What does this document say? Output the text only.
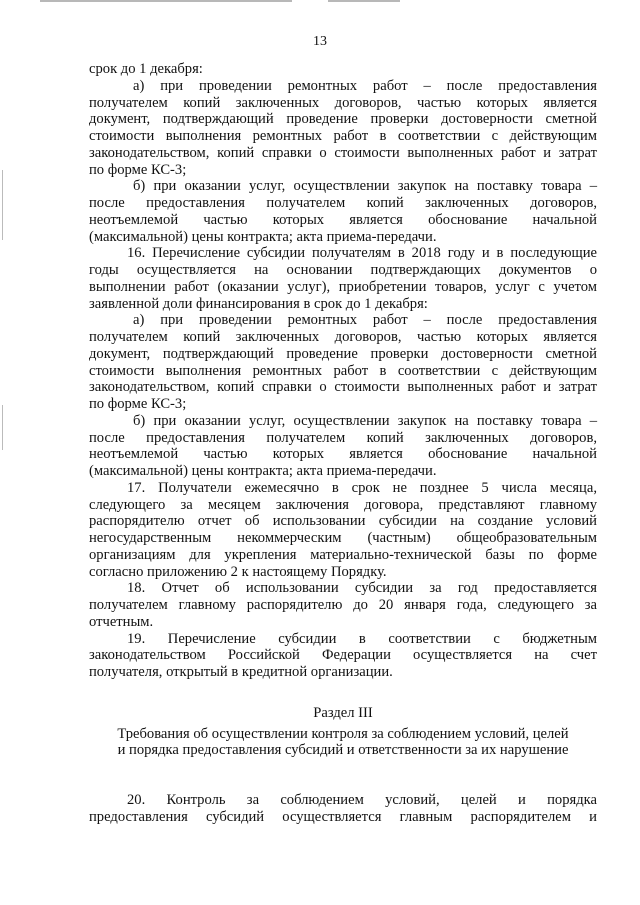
13
срок до 1 декабря:
а) при проведении ремонтных работ – после предоставления
получателем копий заключенных договоров, частью которых является
документ, подтверждающий проведение проверки достоверности сметной
стоимости выполнения ремонтных работ в соответствии с действующим
законодательством, копий справки о стоимости выполненных работ и затрат
по форме КС-3;
б) при оказании услуг, осуществлении закупок на поставку товара –
после предоставления получателем копий заключенных договоров,
неотъемлемой частью которых является обоснование начальной
(максимальной) цены контракта; акта приема-передачи.
16. Перечисление субсидии получателям в 2018 году и в последующие
годы осуществляется на основании подтверждающих документов о
выполнении работ (оказании услуг), приобретении товаров, услуг с учетом
заявленной доли финансирования в срок до 1 декабря:
а) при проведении ремонтных работ – после предоставления
получателем копий заключенных договоров, частью которых является
документ, подтверждающий проведение проверки достоверности сметной
стоимости выполнения ремонтных работ в соответствии с действующим
законодательством, копий справки о стоимости выполненных работ и затрат
по форме КС-3;
б) при оказании услуг, осуществлении закупок на поставку товара –
после предоставления получателем копий заключенных договоров,
неотъемлемой частью которых является обоснование начальной
(максимальной) цены контракта; акта приема-передачи.
17. Получатели ежемесячно в срок не позднее 5 числа месяца,
следующего за месяцем заключения договора, представляют главному
распорядителю отчет об использовании субсидии на создание условий
негосударственным некоммерческим (частным) общеобразовательным
организациям для укрепления материально-технической базы по форме
согласно приложению 2 к настоящему Порядку.
18. Отчет об использовании субсидии за год предоставляется
получателем главному распорядителю до 20 января года, следующего за
отчетным.
19. Перечисление субсидии в соответствии с бюджетным
законодательством Российской Федерации осуществляется на счет
получателя, открытый в кредитной организации.
Раздел III
Требования об осуществлении контроля за соблюдением условий, целей
и порядка предоставления субсидий и ответственности за их нарушение
20. Контроль за соблюдением условий, целей и порядка
предоставления субсидий осуществляется главным распорядителем и
